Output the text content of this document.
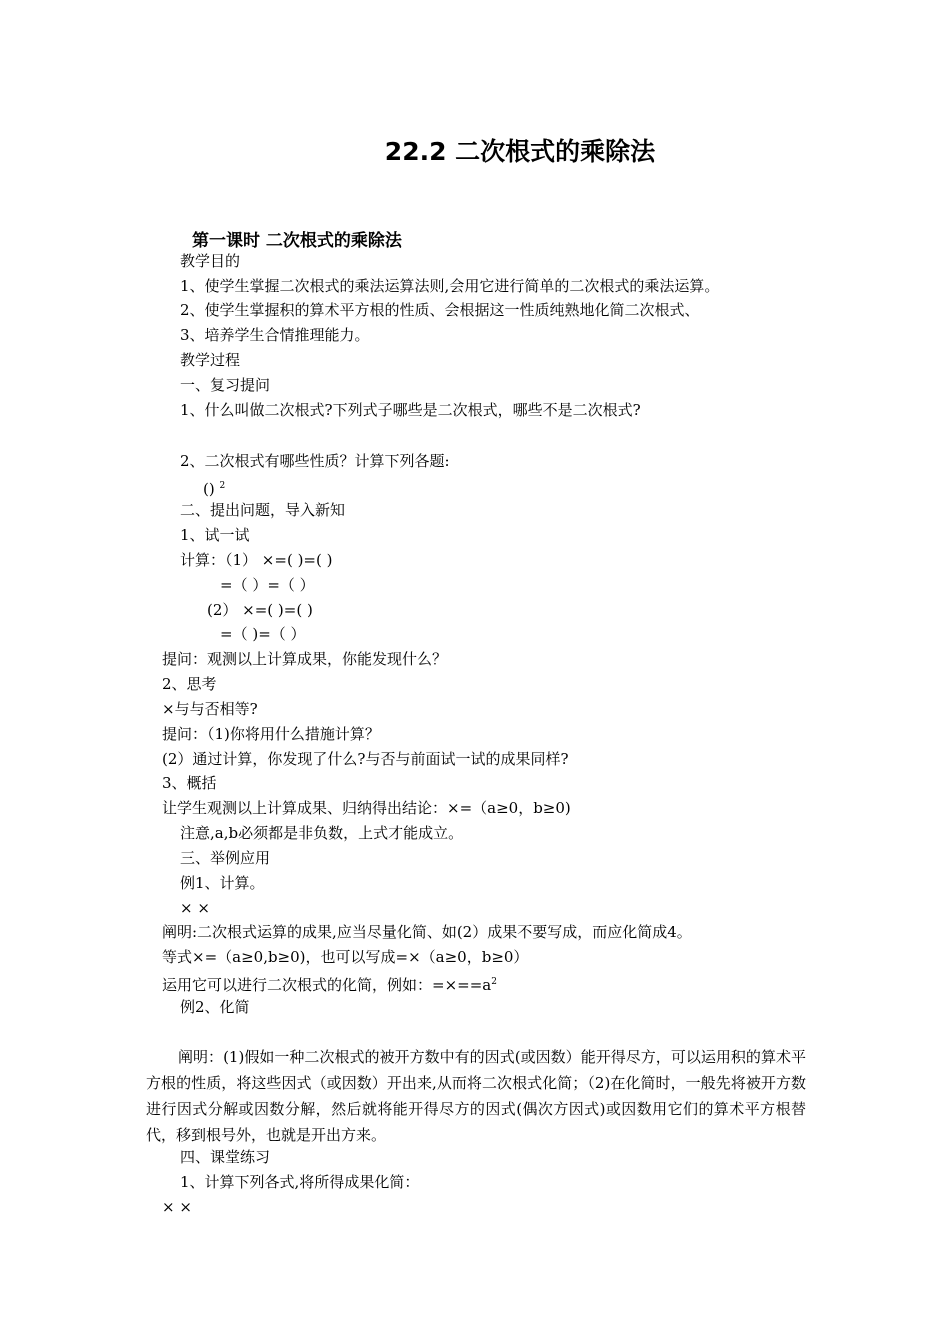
22.2 二次根式的乘除法
第一课时 二次根式的乘除法
教学目的
1、使学生掌握二次根式的乘法运算法则,会用它进行简单的二次根式的乘法运算。
2、使学生掌握积的算术平方根的性质、会根据这一性质纯熟地化简二次根式、
3、培养学生合情推理能力。
教学过程
一、复习提问
1、什么叫做二次根式?下列式子哪些是二次根式，哪些不是二次根式?
2、二次根式有哪些性质？计算下列各题:
() $^2$
二、提出问题，导入新知
1、试一试
计算：（1） ×=( )=( )
=（ ）=（ ）
(2） ×=( )=( )
=（ )=（ ）
提问：观测以上计算成果，你能发现什么？
2、思考
×与与否相等?
提问：（1)你将用什么措施计算？
(2）通过计算，你发现了什么?与否与前面试一试的成果同样?
3、概括
让学生观测以上计算成果、归纳得出结论：×=（a≥0，b≥0)
注意,a,b必须都是非负数，上式才能成立。
三、举例应用
例1、计算。
× ×
阐明:二次根式运算的成果,应当尽量化简、如(2）成果不要写成，而应化简成4。
等式×=（a≥0,b≥0)，也可以写成=×（a≥0，b≥0）
运用它可以进行二次根式的化简，例如：$=\times==a^2$
例2、化简
阐明：(1)假如一种二次根式的被开方数中有的因式(或因数）能开得尽方，可以运用积的算术平方根的性质，将这些因式（或因数）开出来,从而将二次根式化简；（2)在化简时，一般先将被开方数进行因式分解或因数分解，然后就将能开得尽方的因式(偶次方因式)或因数用它们的算术平方根替代，移到根号外，也就是开出方来。
四、课堂练习
1、计算下列各式,将所得成果化简：
× ×
